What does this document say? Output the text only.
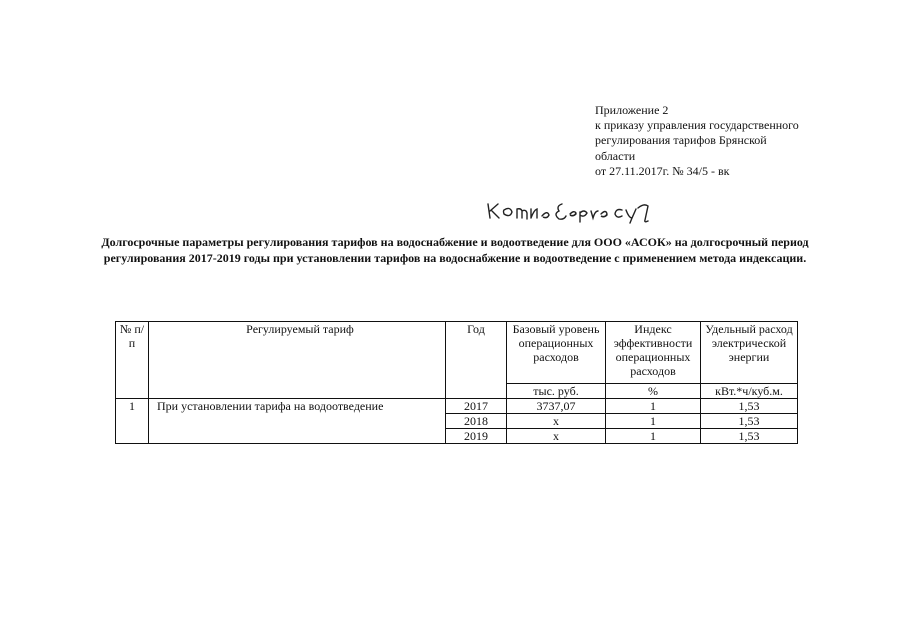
Приложение 2
к приказу управления государственного
регулирования тарифов Брянской
области
от 27.11.2017г. № 34/5 - вк
Долгосрочные параметры регулирования тарифов на водоснабжение и водоотведение для ООО «АСОК» на долгосрочный период регулирования 2017-2019 годы при установлении тарифов на водоснабжение и водоотведение с применением метода индексации.
№ п/п	Регулируемый тариф	Год	Базовый уровень операционных расходов	Индекс эффективности операционных расходов	Удельный расход электрической энергии
			тыс. руб.	%	кВт.*ч/куб.м.
1	При установлении тарифа на водоотведение	2017	3737,07	1	1,53
		2018	х	1	1,53
		2019	х	1	1,53
